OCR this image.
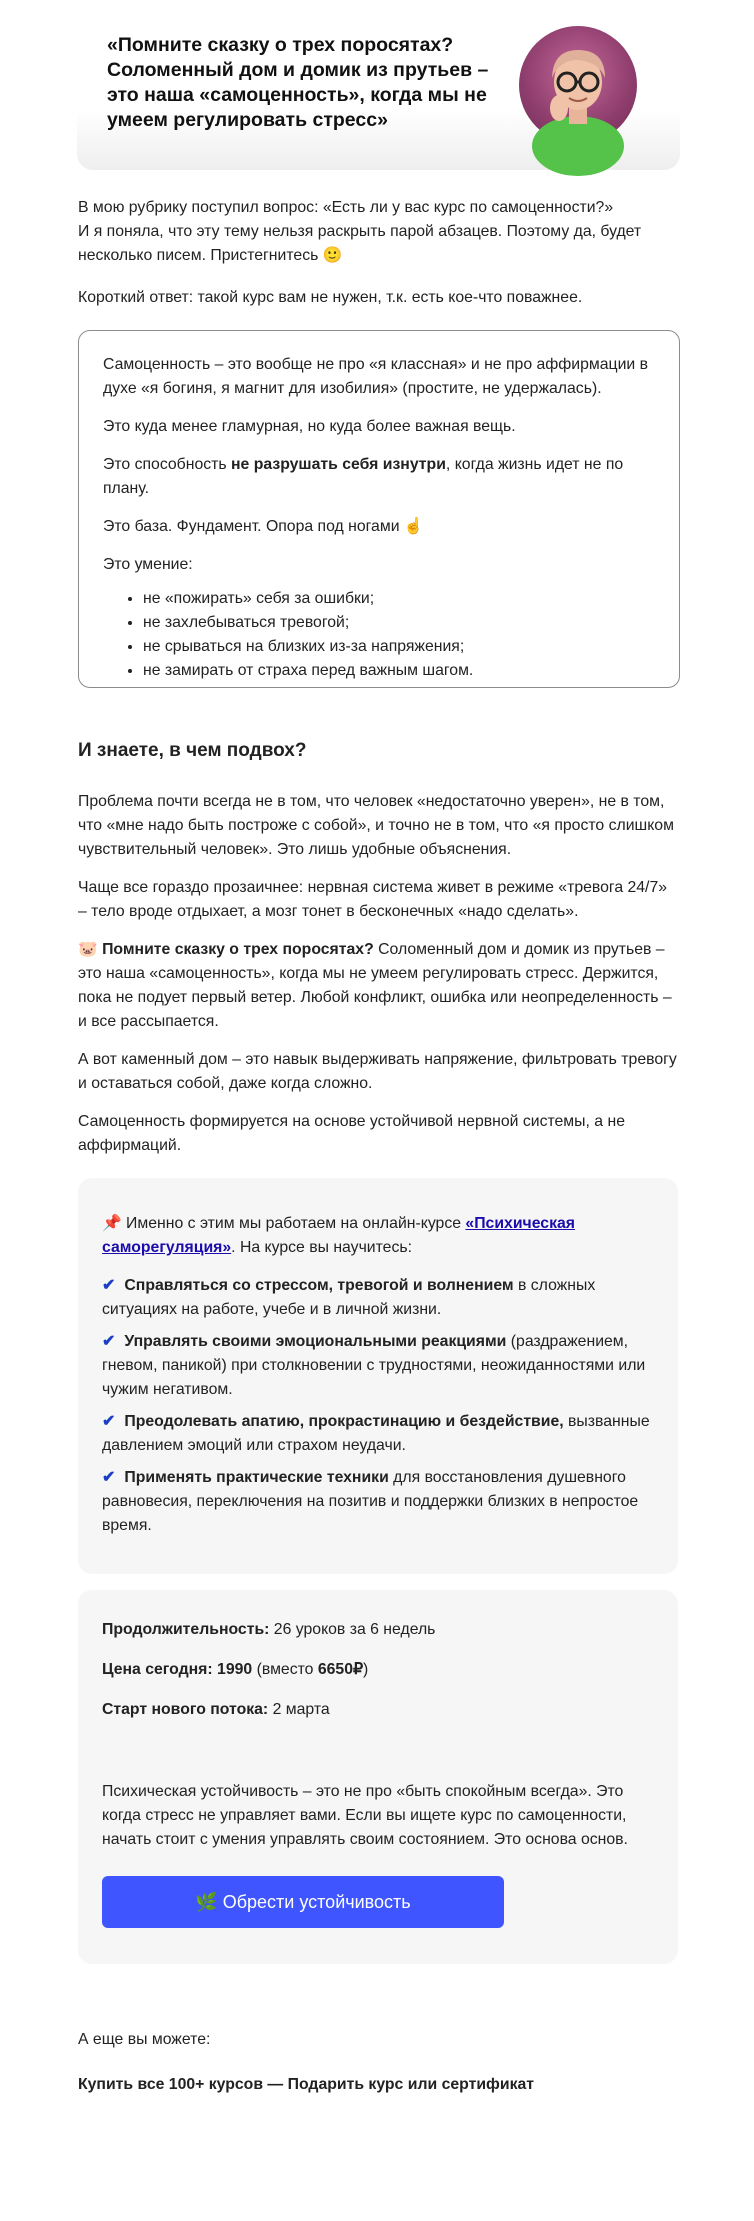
«Помните сказку о трех поросятах? Соломенный дом и домик из прутьев – это наша «самоценность», когда мы не умеем регулировать стресс»

В мою рубрику поступил вопрос: «Есть ли у вас курс по самоценности?»

И я поняла, что эту тему нельзя раскрыть парой абзацев. Поэтому да, будет несколько писем. Пристегнитесь 🙂

Короткий ответ: такой курс вам не нужен, т.к. есть кое-что поважнее.

Самоценность – это вообще не про «я классная» и не про аффирмации в духе «я богиня, я магнит для изобилия» (простите, не удержалась).

Это куда менее гламурная, но куда более важная вещь.

Это способность не разрушать себя изнутри, когда жизнь идет не по плану.

Это база. Фундамент. Опора под ногами ☝️

Это умение:

• не «пожирать» себя за ошибки;
• не захлебываться тревогой;
• не срываться на близких из-за напряжения;
• не замирать от страха перед важным шагом.
И знаете, в чем подвох?

Проблема почти всегда не в том, что человек «недостаточно уверен», не в том, что «мне надо быть построже с собой», и точно не в том, что «я просто слишком чувствительный человек». Это лишь удобные объяснения.

Чаще все гораздо прозаичнее: нервная система живет в режиме «тревога 24/7» – тело вроде отдыхает, а мозг тонет в бесконечных «надо сделать».

🐷 Помните сказку о трех поросятах? Соломенный дом и домик из прутьев – это наша «самоценность», когда мы не умеем регулировать стресс. Держится, пока не подует первый ветер. Любой конфликт, ошибка или неопределенность – и все рассыпается.

А вот каменный дом – это навык выдерживать напряжение, фильтровать тревогу и оставаться собой, даже когда сложно.

Самоценность формируется на основе устойчивой нервной системы, а не аффирмаций.

📌 Именно с этим мы работаем на онлайн-курсе «Психическая саморегуляция». На курсе вы научитесь:

✔ Справляться со стрессом, тревогой и волнением в сложных ситуациях на работе, учебе и в личной жизни.

✔ Управлять своими эмоциональными реакциями (раздражением, гневом, паникой) при столкновении с трудностями, неожиданностями или чужим негативом.

✔ Преодолевать апатию, прокрастинацию и бездействие, вызванные давлением эмоций или страхом неудачи.

✔ Применять практические техники для восстановления душевного равновесия, переключения на позитив и поддержки близких в непростое время.

Продолжительность: 26 уроков за 6 недель

Цена сегодня: 1990 (вместо 6650₽)

Старт нового потока: 2 марта

Психическая устойчивость – это не про «быть спокойным всегда». Это когда стресс не управляет вами. Если вы ищете курс по самоценности, начать стоит с умения управлять своим состоянием. Это основа основ.

🌿 Обрести устойчивость

А еще вы можете:

Купить все 100+ курсов — Подарить курс или сертификат
